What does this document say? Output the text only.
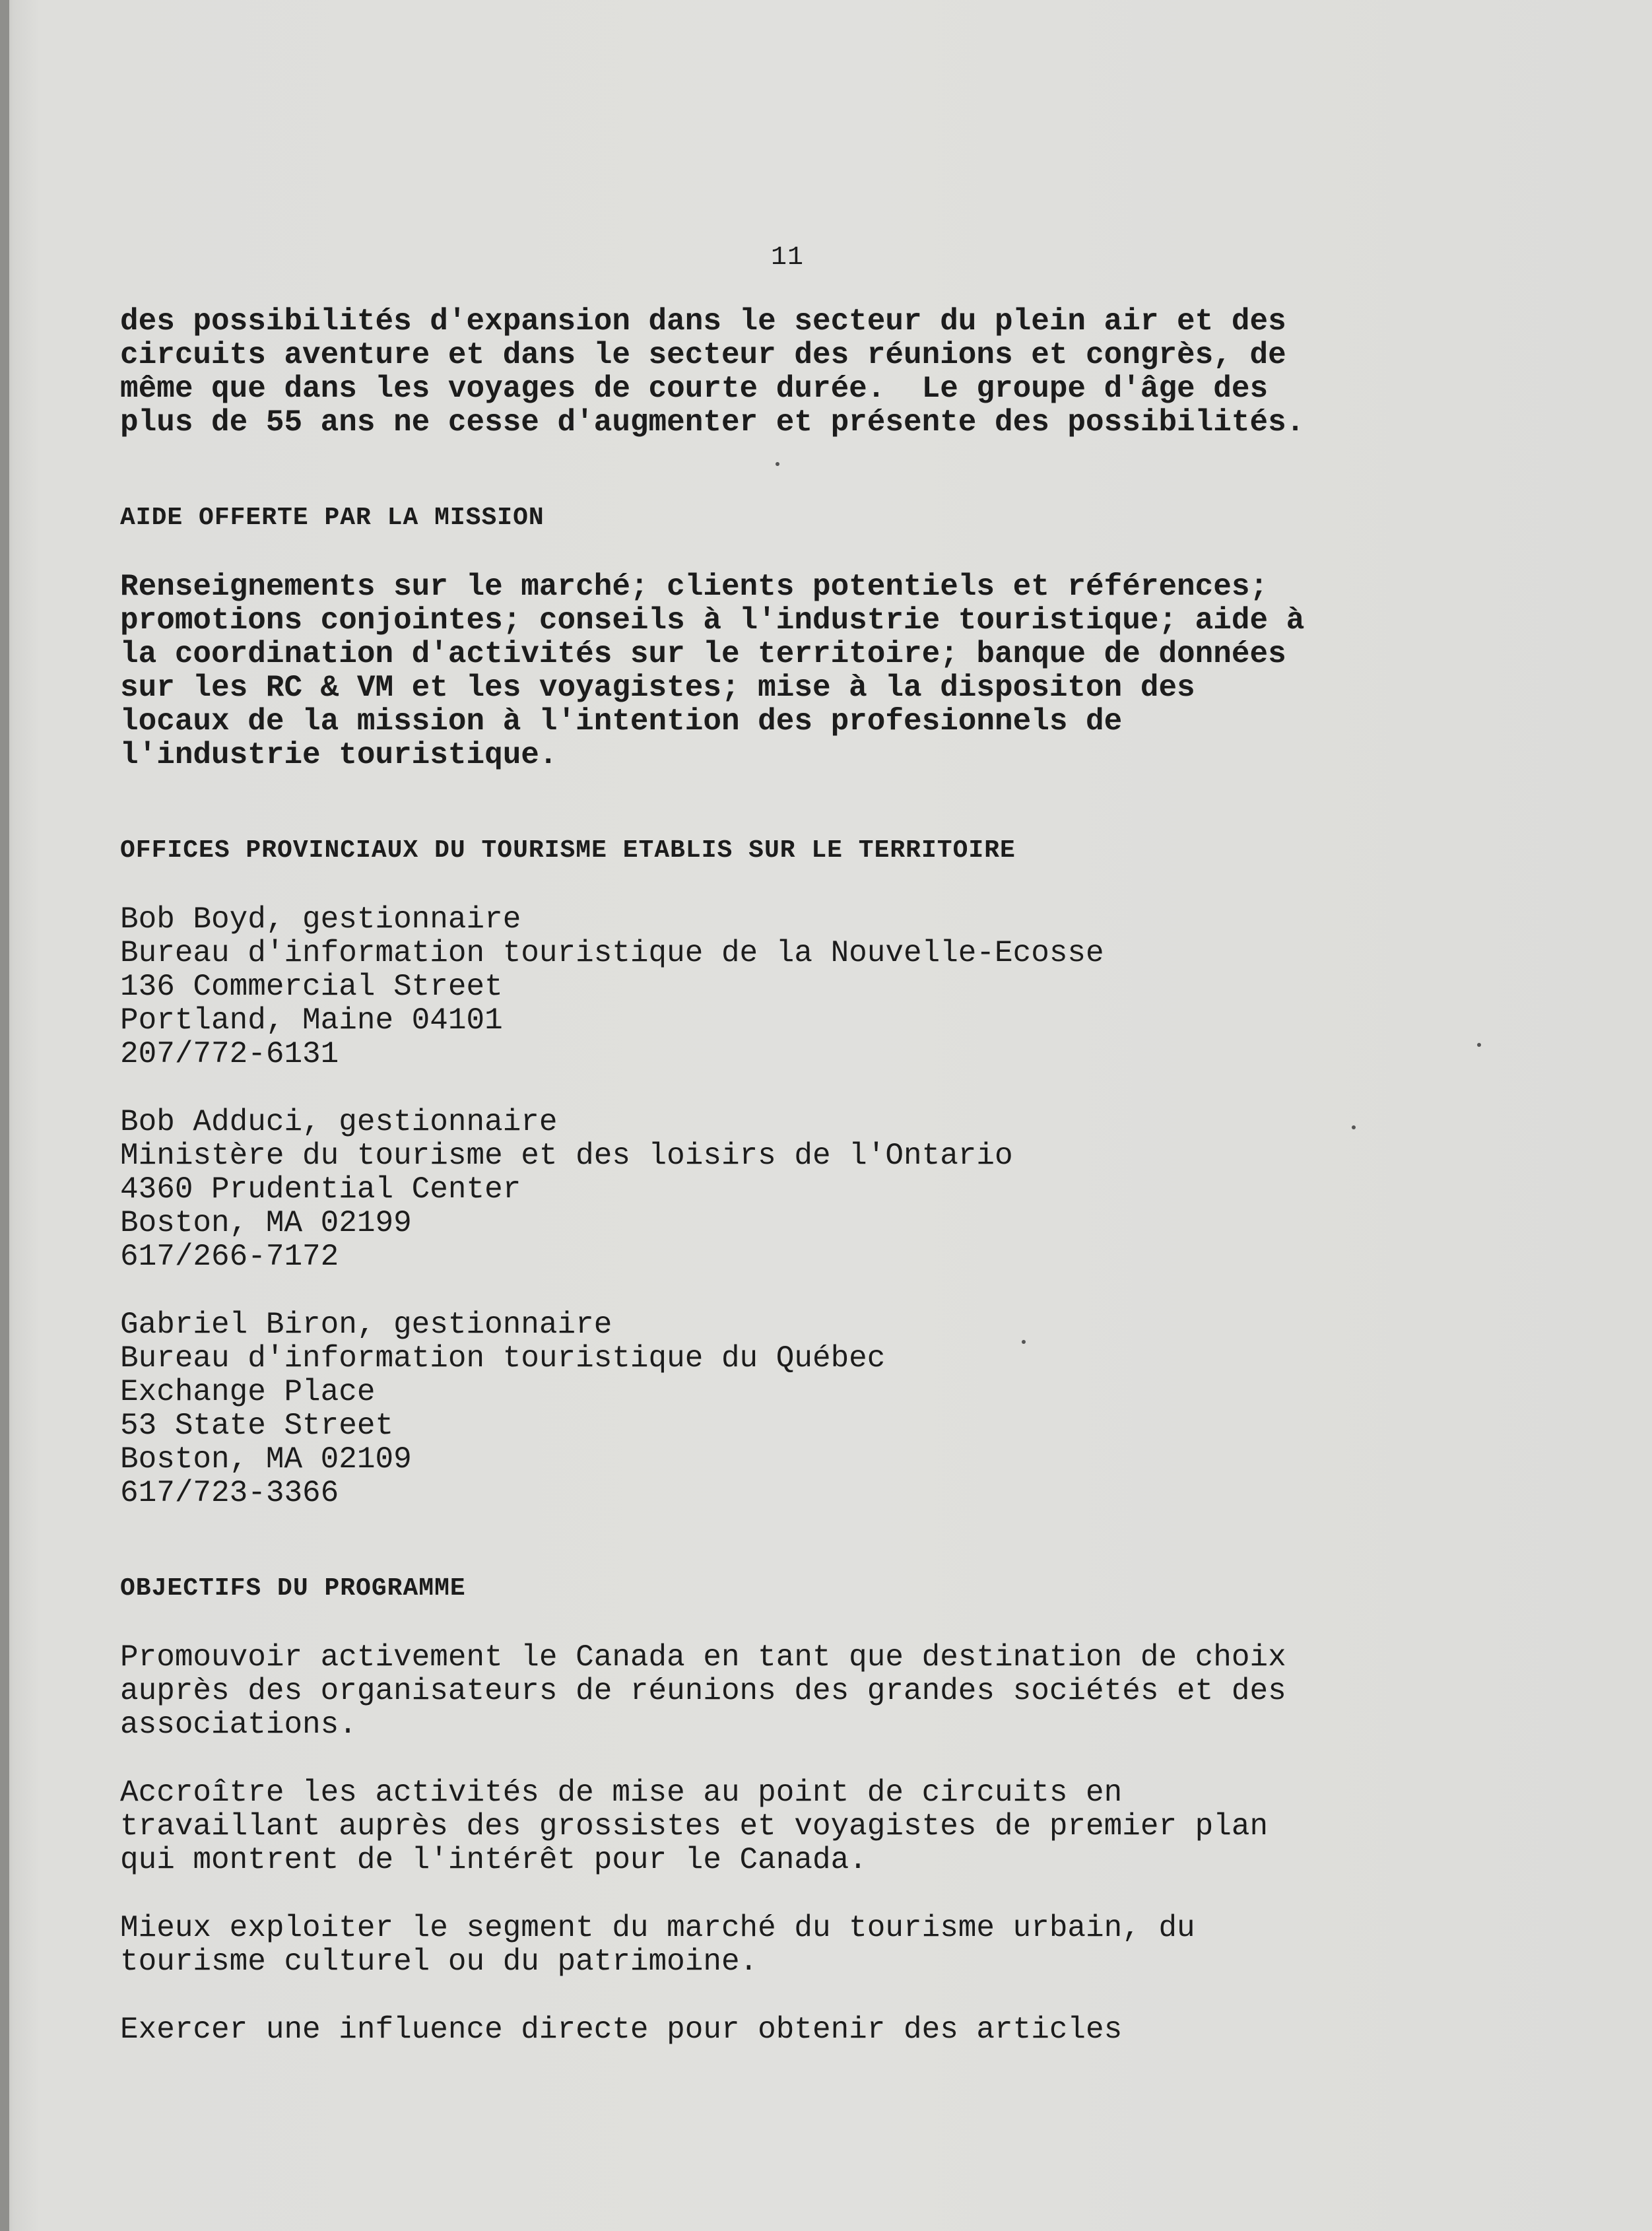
11

des possibilités d'expansion dans le secteur du plein air et des

circuits aventure et dans le secteur des réunions et congrès, de

même que dans les voyages de courte durée.  Le groupe d'âge des

plus de 55 ans ne cesse d'augmenter et présente des possibilités.

AIDE OFFERTE PAR LA MISSION

Renseignements sur le marché; clients potentiels et références;

promotions conjointes; conseils à l'industrie touristique; aide à

la coordination d'activités sur le territoire; banque de données

sur les RC & VM et les voyagistes; mise à la dispositon des

locaux de la mission à l'intention des profesionnels de

l'industrie touristique.

OFFICES PROVINCIAUX DU TOURISME ETABLIS SUR LE TERRITOIRE

Bob Boyd, gestionnaire

Bureau d'information touristique de la Nouvelle-Ecosse

136 Commercial Street

Portland, Maine 04101

207/772-6131

Bob Adduci, gestionnaire

Ministère du tourisme et des loisirs de l'Ontario

4360 Prudential Center

Boston, MA 02199

617/266-7172

Gabriel Biron, gestionnaire

Bureau d'information touristique du Québec

Exchange Place

53 State Street

Boston, MA 02109

617/723-3366

OBJECTIFS DU PROGRAMME

Promouvoir activement le Canada en tant que destination de choix

auprès des organisateurs de réunions des grandes sociétés et des

associations.

Accroître les activités de mise au point de circuits en

travaillant auprès des grossistes et voyagistes de premier plan

qui montrent de l'intérêt pour le Canada.

Mieux exploiter le segment du marché du tourisme urbain, du

tourisme culturel ou du patrimoine.

Exercer une influence directe pour obtenir des articles
